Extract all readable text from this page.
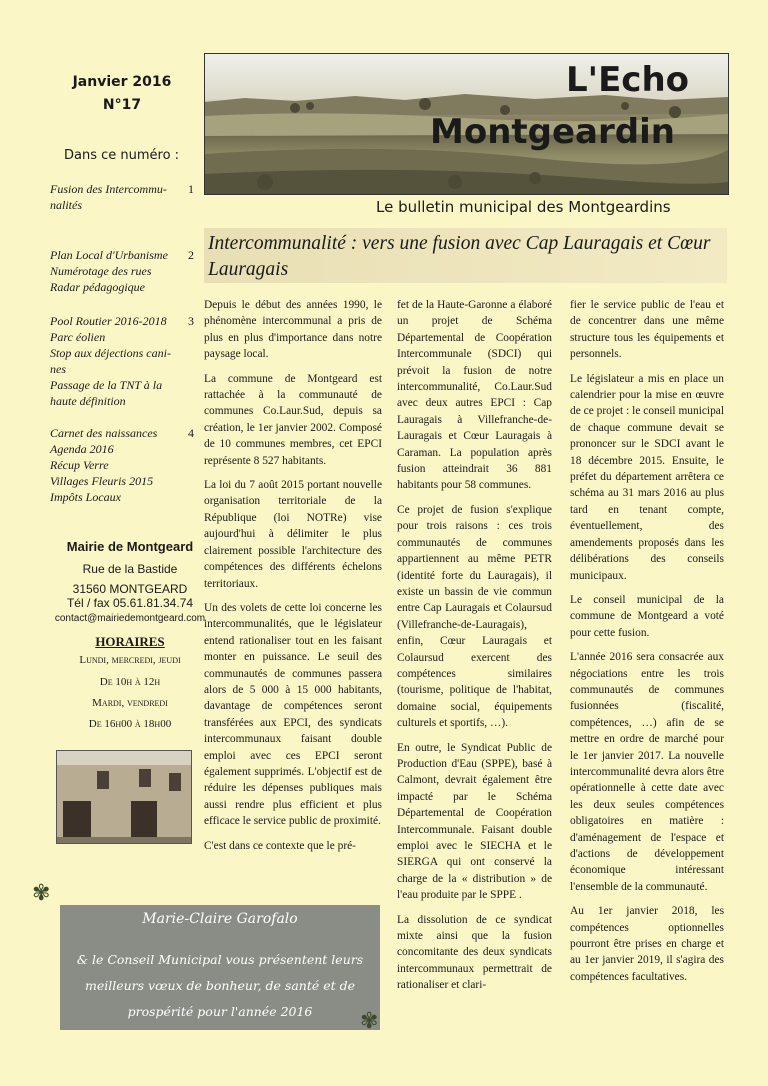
L'Echo
Montgeardin
Le bulletin municipal des Montgeardins
Janvier 2016
N°17
Dans ce numéro :
Fusion des Intercommu-nalités
1
Plan Local d'Urbanisme
Numérotage des rues
Radar pédagogique
2
Pool Routier 2016-2018
Parc éolien
Stop aux déjections cani-nes
Passage de la TNT à la haute définition
3
Carnet des naissances
Agenda 2016
Récup Verre
Villages Fleuris 2015
Impôts Locaux
4
Mairie de Montgeard
Rue de la Bastide
31560 MONTGEARD
Tél / fax 05.61.81.34.74
contact@mairiedemontgeard.com
HORAIRES
Lundi, mercredi, jeudi
De 10h à 12h
Mardi, vendredi
De 16h00 à 18h00
Intercommunalité : vers une fusion avec Cap Lauragais et Cœur Lauragais

Depuis le début des années 1990, le phénomène intercommunal a pris de plus en plus d'importance dans notre paysage local.

La commune de Montgeard est rattachée à la communauté de communes Co.Laur.Sud, depuis sa création, le 1er janvier 2002. Composé de 10 communes membres, cet EPCI représente 8 527 habitants.

La loi du 7 août 2015 portant nouvelle organisation territoriale de la République (loi NOTRe) vise aujourd'hui à délimiter le plus clairement possible l'architecture des compétences des différents échelons territoriaux.

Un des volets de cette loi concerne les intercommunalités, que le législateur entend rationaliser tout en les faisant monter en puissance. Le seuil des communautés de communes passera alors de 5 000 à 15 000 habitants, davantage de compétences seront transférées aux EPCI, des syndicats intercommunaux faisant double emploi avec ces EPCI seront également supprimés. L'objectif est de réduire les dépenses publiques mais aussi rendre plus efficient et plus efficace le service public de proximité.

C'est dans ce contexte que le pré-

fet de la Haute-Garonne a élaboré un projet de Schéma Départemental de Coopération Intercommunale (SDCI) qui prévoit la fusion de notre intercommunalité, Co.Laur.Sud avec deux autres EPCI : Cap Lauragais à Villefranche-de-Lauragais et Cœur Lauragais à Caraman. La population après fusion atteindrait 36 881 habitants pour 58 communes.

Ce projet de fusion s'explique pour trois raisons : ces trois communautés de communes appartiennent au même PETR (identité forte du Lauragais), il existe un bassin de vie commun entre Cap Lauragais et Colaursud (Villefranche-de-Lauragais), enfin, Cœur Lauragais et Colaursud exercent des compétences similaires (tourisme, politique de l'habitat, domaine social, équipements culturels et sportifs, …).

En outre, le Syndicat Public de Production d'Eau (SPPE), basé à Calmont, devrait également être impacté par le Schéma Départemental de Coopération Intercommunale. Faisant double emploi avec le SIECHA et le SIERGA qui ont conservé la charge de la « distribution » de l'eau produite par le SPPE .

La dissolution de ce syndicat mixte ainsi que la fusion concomitante des deux syndicats intercommunaux permettrait de rationaliser et clari-

fier le service public de l'eau et de concentrer dans une même structure tous les équipements et personnels.

Le législateur a mis en place un calendrier pour la mise en œuvre de ce projet : le conseil municipal de chaque commune devait se prononcer sur le SDCI avant le 18 décembre 2015. Ensuite, le préfet du département arrêtera ce schéma au 31 mars 2016 au plus tard en tenant compte, éventuellement, des amendements proposés dans les délibérations des conseils municipaux.

Le conseil municipal de la commune de Montgeard a voté pour cette fusion.

L'année 2016 sera consacrée aux négociations entre les trois communautés de communes fusionnées (fiscalité, compétences, …) afin de se mettre en ordre de marché pour le 1er janvier 2017. La nouvelle intercommunalité devra alors être opérationnelle à cette date avec les deux seules compétences obligatoires en matière : d'aménagement de l'espace et d'actions de développement économique intéressant l'ensemble de la communauté.

Au 1er janvier 2018, les compétences optionnelles pourront être prises en charge et au 1er janvier 2019, il s'agira des compétences facultatives.

Marie-Claire Garofalo
& le Conseil Municipal vous présentent leurs meilleurs vœux de bonheur, de santé et de prospérité pour l'année 2016
✾
✾
